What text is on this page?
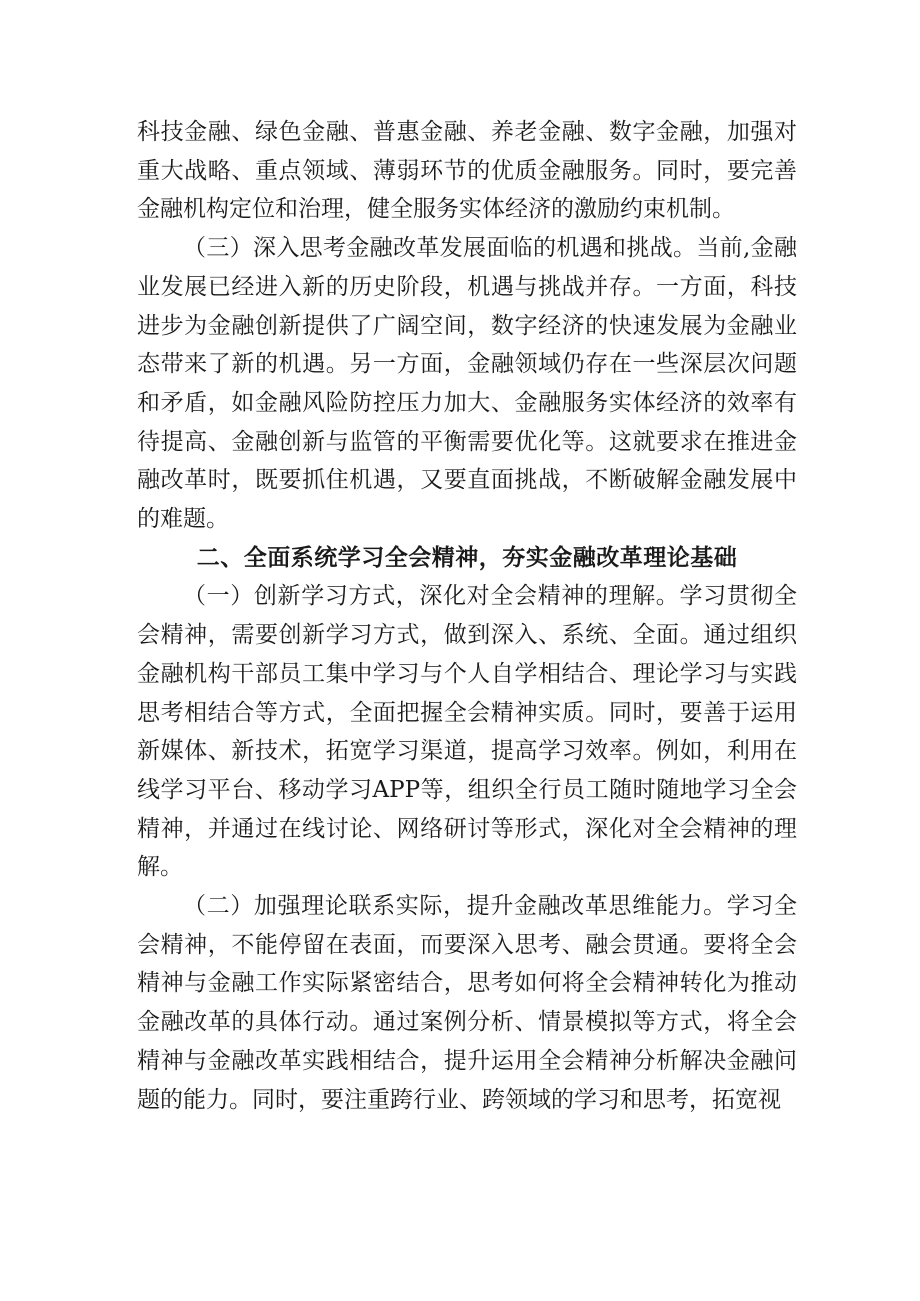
科技金融、绿色金融、普惠金融、养老金融、数字金融，加强对重大战略、重点领域、薄弱环节的优质金融服务。同时，要完善金融机构定位和治理，健全服务实体经济的激励约束机制。

（三）深入思考金融改革发展面临的机遇和挑战。当前,金融业发展已经进入新的历史阶段，机遇与挑战并存。一方面，科技进步为金融创新提供了广阔空间，数字经济的快速发展为金融业态带来了新的机遇。另一方面，金融领域仍存在一些深层次问题和矛盾，如金融风险防控压力加大、金融服务实体经济的效率有待提高、金融创新与监管的平衡需要优化等。这就要求在推进金融改革时，既要抓住机遇，又要直面挑战，不断破解金融发展中的难题。

二、全面系统学习全会精神，夯实金融改革理论基础

（一）创新学习方式，深化对全会精神的理解。学习贯彻全会精神，需要创新学习方式，做到深入、系统、全面。通过组织金融机构干部员工集中学习与个人自学相结合、理论学习与实践思考相结合等方式，全面把握全会精神实质。同时，要善于运用新媒体、新技术，拓宽学习渠道，提高学习效率。例如，利用在线学习平台、移动学习APP等，组织全行员工随时随地学习全会精神，并通过在线讨论、网络研讨等形式，深化对全会精神的理解。

（二）加强理论联系实际，提升金融改革思维能力。学习全会精神，不能停留在表面，而要深入思考、融会贯通。要将全会精神与金融工作实际紧密结合，思考如何将全会精神转化为推动金融改革的具体行动。通过案例分析、情景模拟等方式，将全会精神与金融改革实践相结合，提升运用全会精神分析解决金融问题的能力。同时，要注重跨行业、跨领域的学习和思考，拓宽视
